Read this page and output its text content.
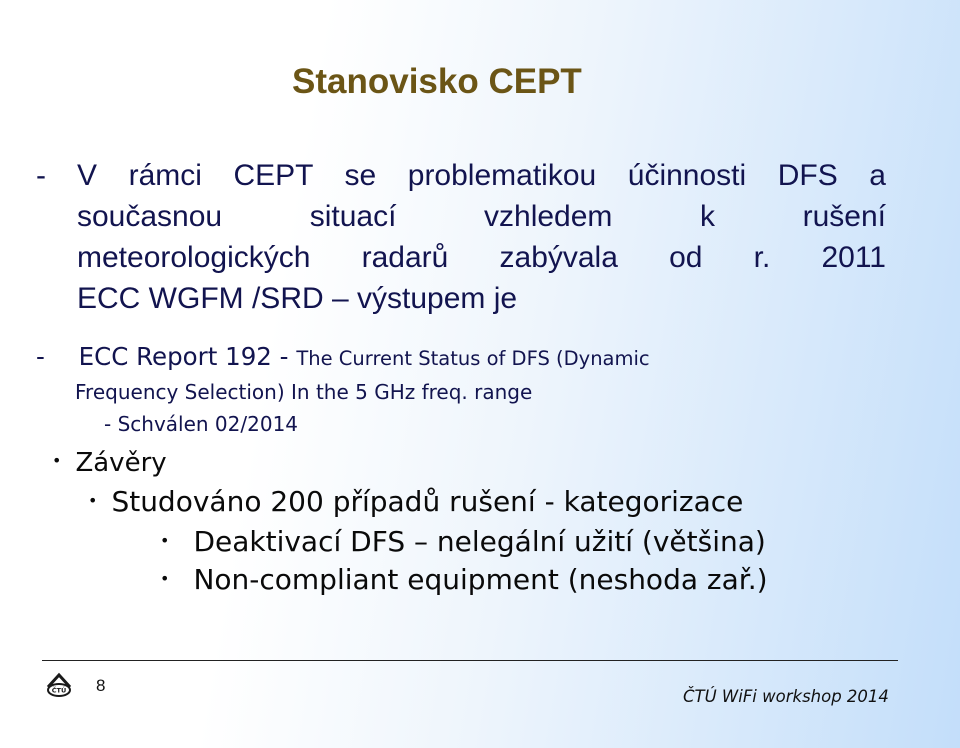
Stanovisko CEPT
- V rámci CEPT se problematikou účinnosti DFS a
současnou situací vzhledem k rušení
meteorologických radarů zabývala od r. 2011
ECC WGFM /SRD – výstupem je
- ECC Report 192 - The Current Status of DFS (Dynamic
Frequency Selection) In the 5 GHz freq. range
- Schválen 02/2014
• Závěry
• Studováno 200 případů rušení - kategorizace
• Deaktivací DFS – nelegální užití (většina)
• Non-compliant equipment (neshoda zař.)
ČTÚ 8
ČTÚ WiFi workshop 2014
